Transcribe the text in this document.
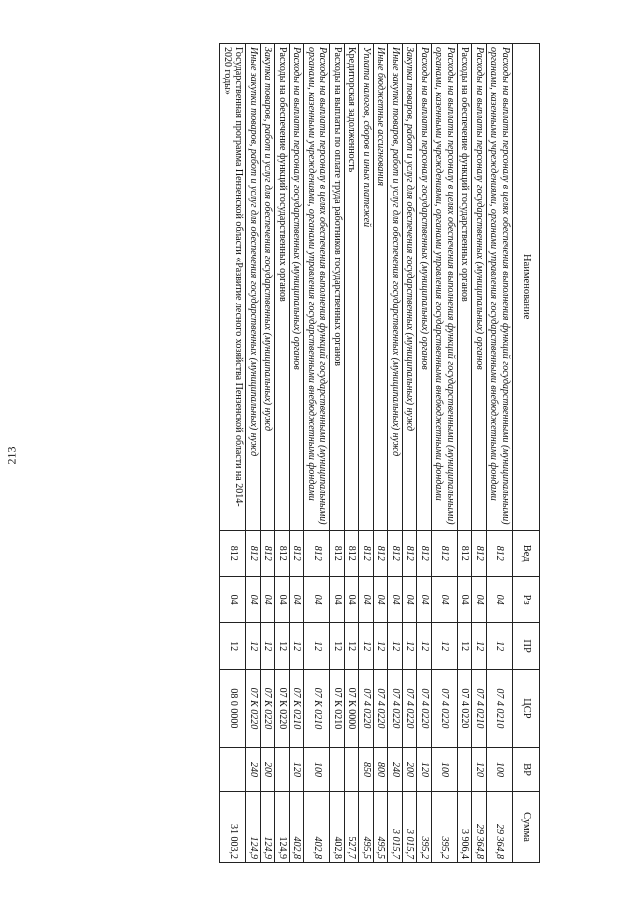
213
Наименование	Вед	Рз	ПР	ЦСР	ВР	Сумма
Расходы на выплаты персоналу в целях обеспечения выполнения функций государственными (муниципальными) органами, казенными учреждениями, органами управления государственными внебюджетными фондами	812	04	12	07 4 0210	100	29 364,8
Расходы на выплаты персоналу государственных (муниципальных) органов	812	04	12	07 4 0210	120	29 364,8
Расходы на обеспечение функций государственных органов	812	04	12	07 4 0220		3 906,4
Расходы на выплаты персоналу в целях обеспечения выполнения функций государственными (муниципальными) органами, казенными учреждениями, органами управления государственными внебюджетными фондами	812	04	12	07 4 0220	100	395,2
Расходы на выплаты персоналу государственных (муниципальных) органов	812	04	12	07 4 0220	120	395,2
Закупка товаров, работ и услуг для обеспечения государственных (муниципальных) нужд	812	04	12	07 4 0220	200	3 015,7
Иные закупки товаров, работ и услуг для обеспечения государственных (муниципальных) нужд	812	04	12	07 4 0220	240	3 015,7
Иные бюджетные ассигнования	812	04	12	07 4 0220	800	495,5
Уплата налогов, сборов и иных платежей	812	04	12	07 4 0220	850	495,5
Кредиторская задолженность	812	04	12	07 К 0000		527,7
Расходы на выплаты по оплате труда работников государственных органов	812	04	12	07 К 0210		402,8
Расходы на выплаты персоналу в целях обеспечения выполнения функций государственными (муниципальными) органами, казенными учреждениями, органами управления государственными внебюджетными фондами	812	04	12	07 К 0210	100	402,8
Расходы на выплаты персоналу государственных (муниципальных) органов	812	04	12	07 К 0210	120	402,8
Расходы на обеспечение функций государственных органов	812	04	12	07 К 0220		124,9
Закупка товаров, работ и услуг для обеспечения государственных (муниципальных) нужд	812	04	12	07 К 0220	200	124,9
Иные закупки товаров, работ и услуг для обеспечения государственных (муниципальных) нужд	812	04	12	07 К 0220	240	124,9
Государственная программа Пензенской области «Развитие лесного хозяйства Пензенской области на 2014-2020 годы»	812	04	12	08 0 0000		31 003,2
